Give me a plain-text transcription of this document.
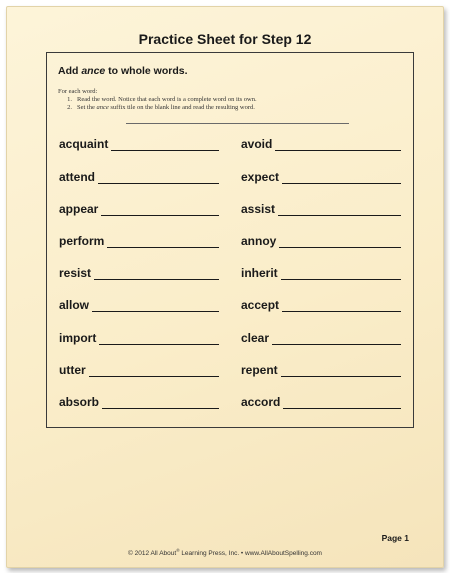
Practice Sheet for Step 12
Add ance to whole words.
For each word:
1. Read the word. Notice that each word is a complete word on its own.
2. Set the ance suffix tile on the blank line and read the resulting word.
acquaint
attend
appear
perform
resist
allow
import
utter
absorb
avoid
expect
assist
annoy
inherit
accept
clear
repent
accord
Page 1
© 2012 All About® Learning Press, Inc. • www.AllAboutSpelling.com
